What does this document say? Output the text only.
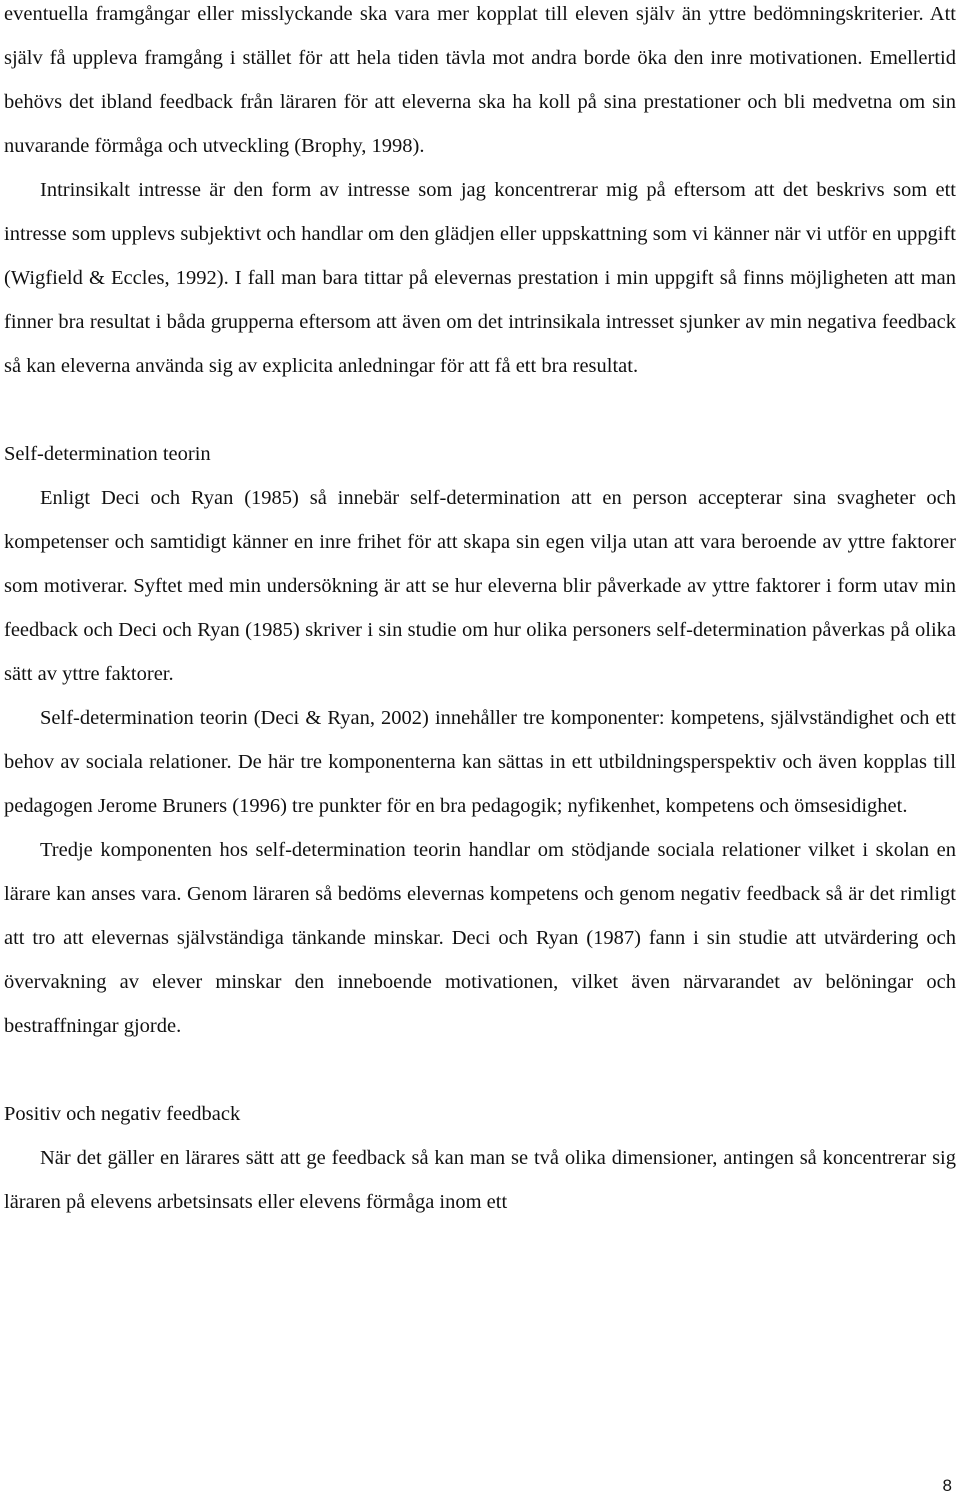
eventuella framgångar eller misslyckande ska vara mer kopplat till eleven själv än yttre bedömningskriterier. Att själv få uppleva framgång i stället för att hela tiden tävla mot andra borde öka den inre motivationen. Emellertid behövs det ibland feedback från läraren för att eleverna ska ha koll på sina prestationer och bli medvetna om sin nuvarande förmåga och utveckling (Brophy, 1998).

Intrinsikalt intresse är den form av intresse som jag koncentrerar mig på eftersom att det beskrivs som ett intresse som upplevs subjektivt och handlar om den glädjen eller uppskattning som vi känner när vi utför en uppgift (Wigfield & Eccles, 1992). I fall man bara tittar på elevernas prestation i min uppgift så finns möjligheten att man finner bra resultat i båda grupperna eftersom att även om det intrinsikala intresset sjunker av min negativa feedback så kan eleverna använda sig av explicita anledningar för att få ett bra resultat.

Self-determination teorin

Enligt Deci och Ryan (1985) så innebär self-determination att en person accepterar sina svagheter och kompetenser och samtidigt känner en inre frihet för att skapa sin egen vilja utan att vara beroende av yttre faktorer som motiverar. Syftet med min undersökning är att se hur eleverna blir påverkade av yttre faktorer i form utav min feedback och Deci och Ryan (1985) skriver i sin studie om hur olika personers self-determination påverkas på olika sätt av yttre faktorer.

Self-determination teorin (Deci & Ryan, 2002) innehåller tre komponenter: kompetens, självständighet och ett behov av sociala relationer. De här tre komponenterna kan sättas in ett utbildningsperspektiv och även kopplas till pedagogen Jerome Bruners (1996) tre punkter för en bra pedagogik; nyfikenhet, kompetens och ömsesidighet.

Tredje komponenten hos self-determination teorin handlar om stödjande sociala relationer vilket i skolan en lärare kan anses vara. Genom läraren så bedöms elevernas kompetens och genom negativ feedback så är det rimligt att tro att elevernas självständiga tänkande minskar. Deci och Ryan (1987) fann i sin studie att utvärdering och övervakning av elever minskar den inneboende motivationen, vilket även närvarandet av belöningar och bestraffningar gjorde.

Positiv och negativ feedback

När det gäller en lärares sätt att ge feedback så kan man se två olika dimensioner, antingen så koncentrerar sig läraren på elevens arbetsinsats eller elevens förmåga inom ett

8
